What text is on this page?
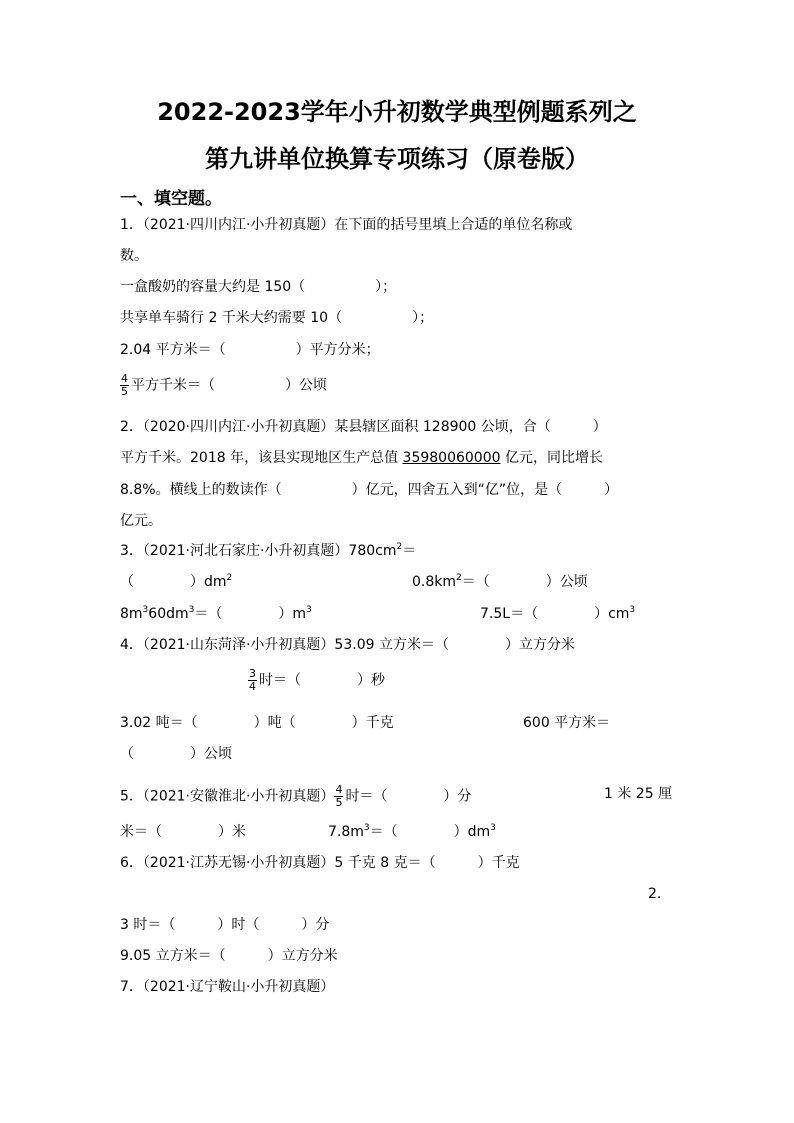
2022-2023学年小升初数学典型例题系列之
第九讲单位换算专项练习（原卷版）
一、填空题。
1．（2021·四川内江·小升初真题）在下面的括号里填上合适的单位名称或
数。
一盒酸奶的容量大约是 150（　　　　　）；
共享单车骑行 2 千米大约需要 10（　　　　　）；
2.04 平方米＝（　　　　　）平方分米；
$\frac{4}{5}$ 平方千米＝（　　　　　）公顷
2．（2020·四川内江·小升初真题）某县辖区面积 128900 公顷，合（　　　）
平方千米。2018 年，该县实现地区生产总值 35980060000 亿元，同比增长
8.8%。横线上的数读作（　　　　　）亿元，四舍五入到“亿”位，是（　　　）
亿元。
3．（2021·河北石家庄·小升初真题）$780cm^2=$
（　　　　）$dm^2$	$0.8km^2=$（　　　　）公顷
$8m^360dm^3=$（　　　　）$m^3$	7.5L＝（　　　　）$cm^3$
4．（2021·山东菏泽·小升初真题）53.09 立方米＝（　　　　）立方分米
$\frac{3}{4}$ 时＝（　　　　）秒
3.02 吨＝（　　　　）吨（　　　　）千克	600 平方米＝
（　　　　）公顷
5．（2021·安徽淮北·小升初真题） $\frac{4}{5}$ 时＝（　　　　）分	1 米 25 厘
米＝（　　　　）米	$7.8m^3=$（　　　　）$dm^3$
6．（2021·江苏无锡·小升初真题）5 千克 8 克＝（　　　）千克
2.
3 时＝（　　　）时（　　　）分
9.05 立方米＝（　　　）立方分米
7．（2021·辽宁鞍山·小升初真题）
